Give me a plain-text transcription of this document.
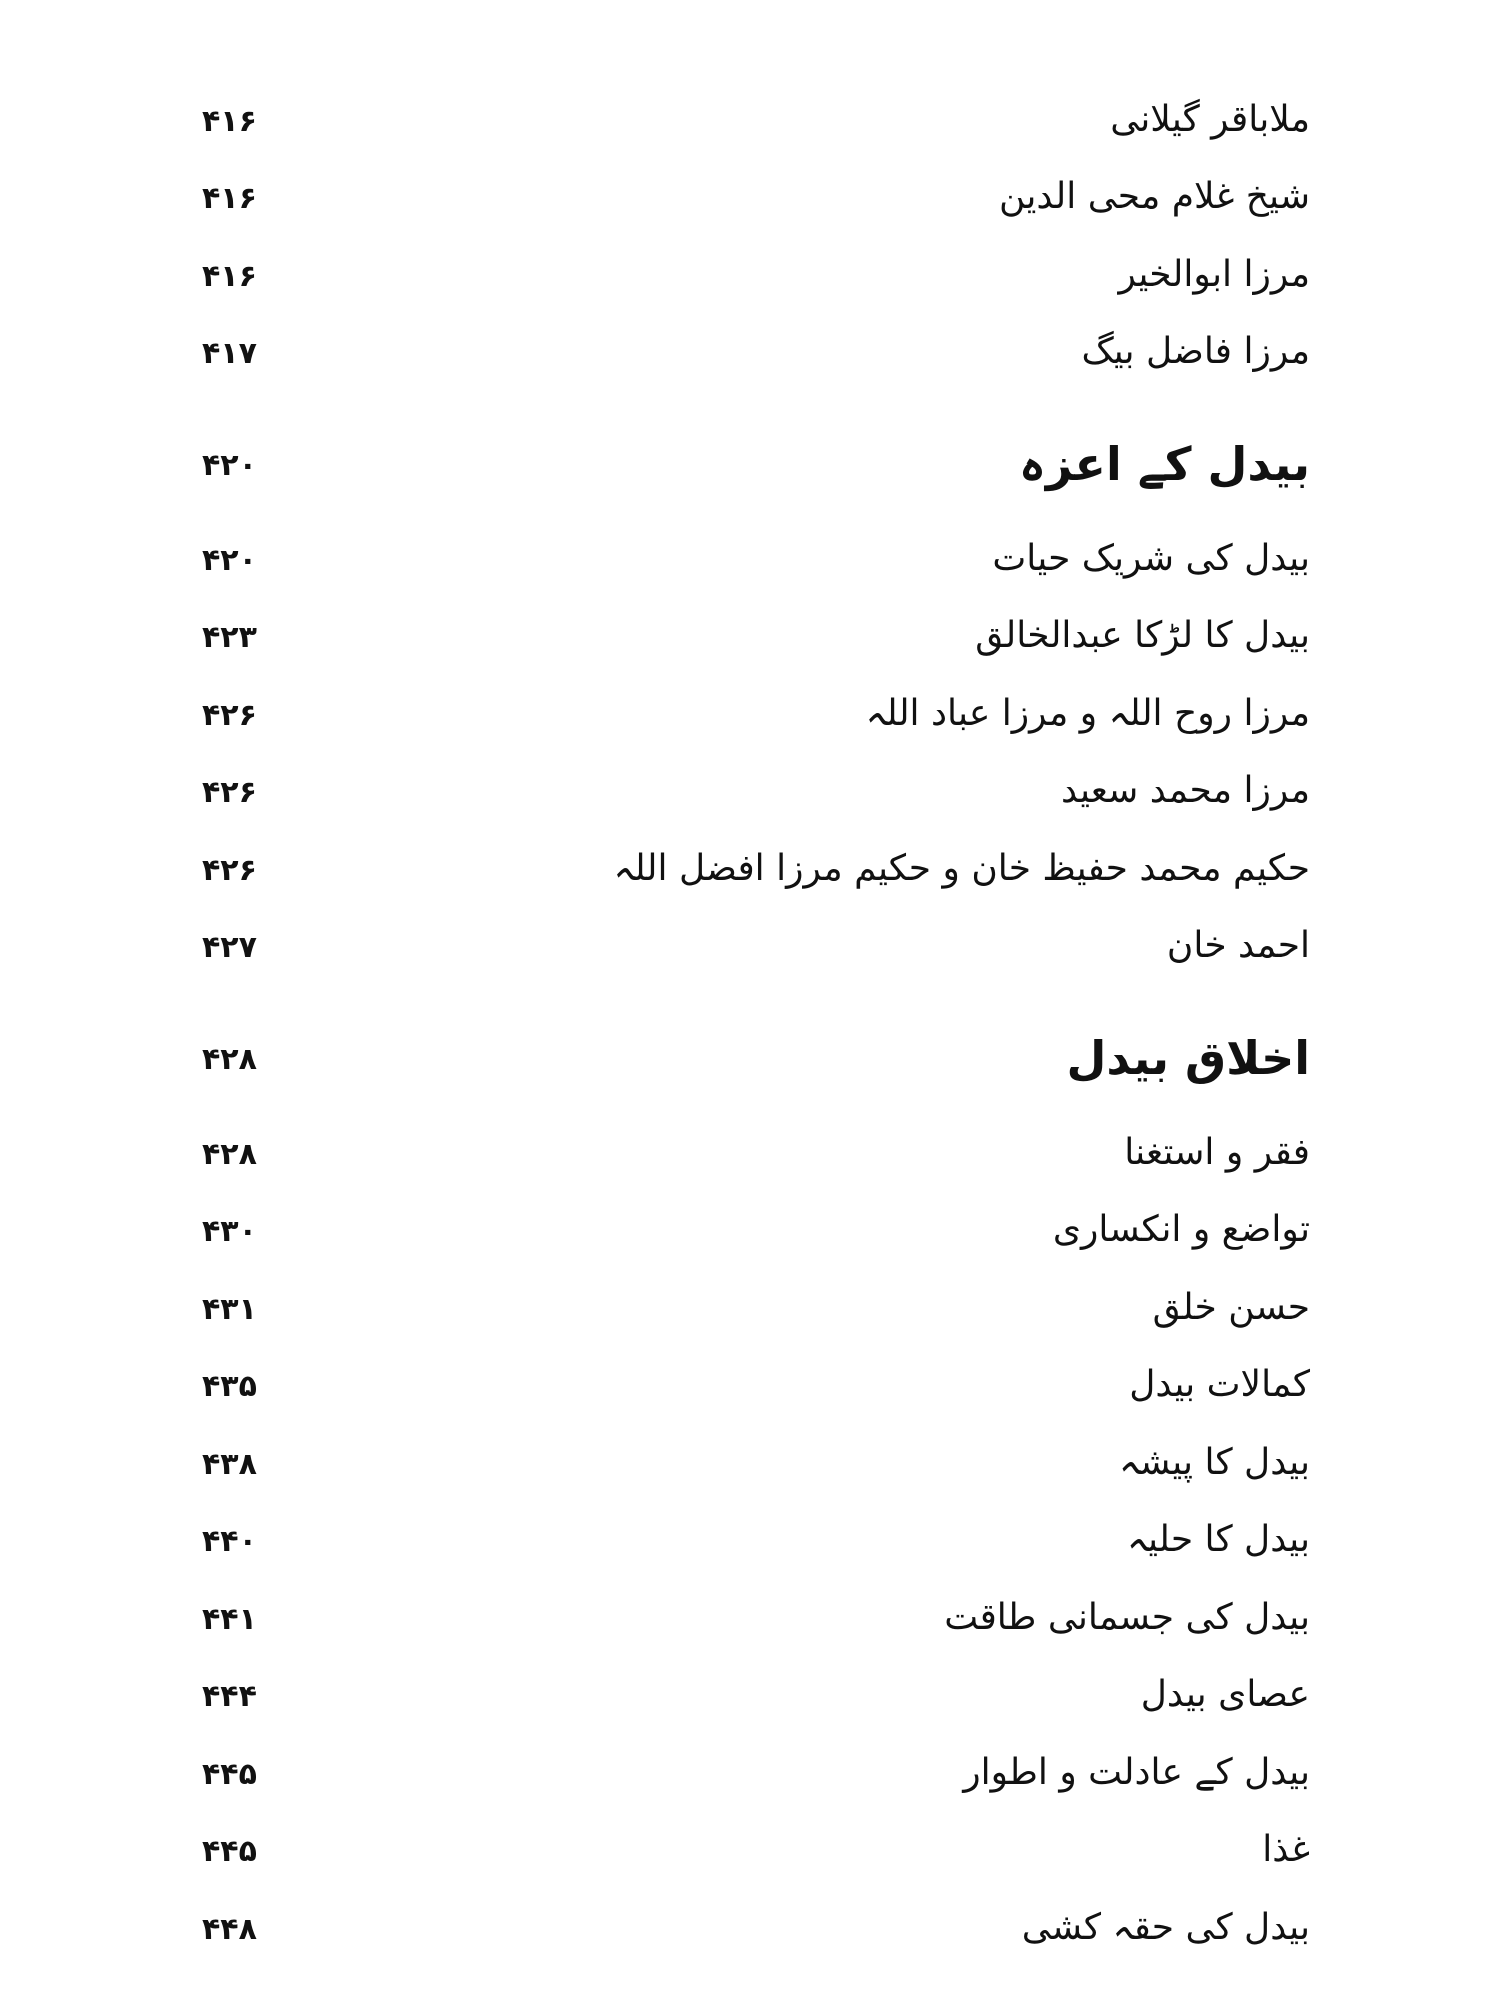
ملاباقر گیلانی
۴۱۶
شیخ غلام محی الدین
۴۱۶
مرزا ابوالخیر
۴۱۶
مرزا فاضل بیگ
۴۱۷
بیدل کے اعزہ
۴۲۰
بیدل کی شریک حیات
۴۲۰
بیدل کا لڑکا عبدالخالق
۴۲۳
مرزا روح اللہ و مرزا عباد اللہ
۴۲۶
مرزا محمد سعید
۴۲۶
حکیم محمد حفیظ خان و حکیم مرزا افضل اللہ
۴۲۶
احمد خان
۴۲۷
اخلاق بیدل
۴۲۸
فقر و استغنا
۴۲۸
تواضع و انکساری
۴۳۰
حسن خلق
۴۳۱
کمالات بیدل
۴۳۵
بیدل کا پیشہ
۴۳۸
بیدل کا حلیہ
۴۴۰
بیدل کی جسمانی طاقت
۴۴۱
عصای بیدل
۴۴۴
بیدل کے عادلت و اطوار
۴۴۵
غذا
۴۴۵
بیدل کی حقہ کشی
۴۴۸
